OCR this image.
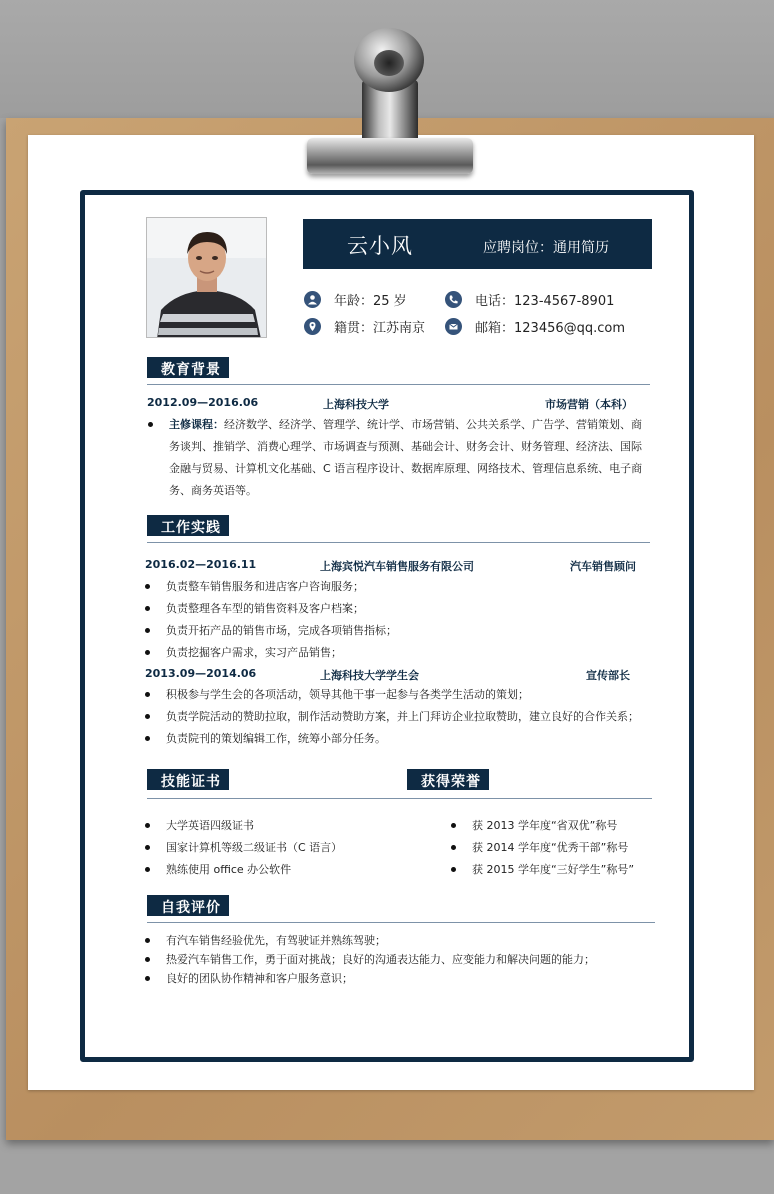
云小风	应聘岗位：通用简历
年龄：25 岁	电话：123-4567-8901
籍贯：江苏南京	邮箱：123456@qq.com
教育背景
2012.09—2016.06	上海科技大学	市场营销（本科）
主修课程：经济数学、经济学、管理学、统计学、市场营销、公共关系学、广告学、营销策划、商
务谈判、推销学、消费心理学、市场调查与预测、基础会计、财务会计、财务管理、经济法、国际
金融与贸易、计算机文化基础、C 语言程序设计、数据库原理、网络技术、管理信息系统、电子商
务、商务英语等。
工作实践
2016.02—2016.11	上海宾悦汽车销售服务有限公司	汽车销售顾问
负责整车销售服务和进店客户咨询服务；
负责整理各车型的销售资料及客户档案；
负责开拓产品的销售市场，完成各项销售指标；
负责挖掘客户需求，实习产品销售；
2013.09—2014.06	上海科技大学学生会	宣传部长
积极参与学生会的各项活动，领导其他干事一起参与各类学生活动的策划；
负责学院活动的赞助拉取，制作活动赞助方案，并上门拜访企业拉取赞助，建立良好的合作关系；
负责院刊的策划编辑工作，统筹小部分任务。
技能证书	获得荣誉
大学英语四级证书
国家计算机等级二级证书（C 语言）
熟练使用 office 办公软件
获 2013 学年度“省双优”称号
获 2014 学年度“优秀干部”称号
获 2015 学年度“三好学生”称号”
自我评价
有汽车销售经验优先，有驾驶证并熟练驾驶；
热爱汽车销售工作，勇于面对挑战；良好的沟通表达能力、应变能力和解决问题的能力；
良好的团队协作精神和客户服务意识；
